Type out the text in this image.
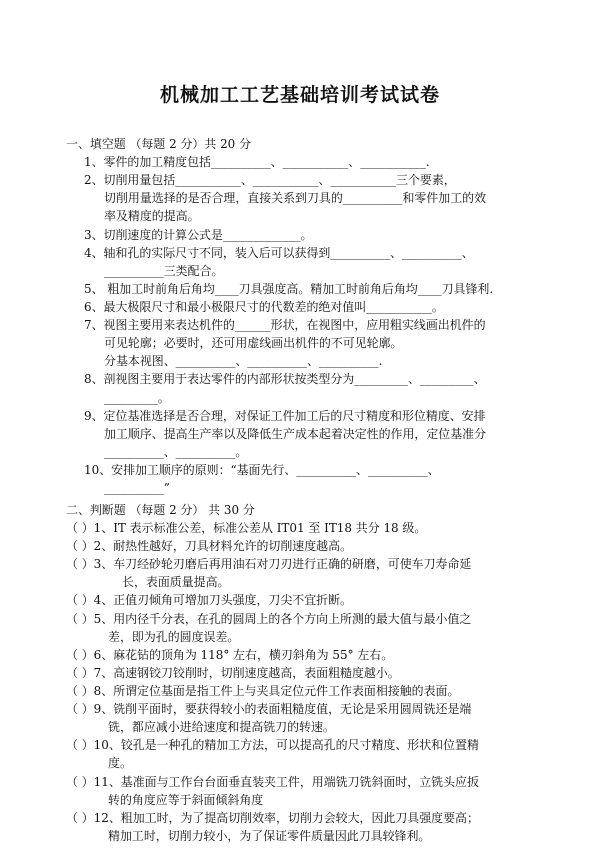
机械加工工艺基础培训考试试卷
一、填空题 （每题 2 分）共 20 分
1、零件的加工精度包括__________、___________、___________.
2、切削用量包括___________、___________、___________三个要素，
切削用量选择的是否合理，直接关系到刀具的__________和零件加工的效
率及精度的提高。
3、切削速度的计算公式是_____________。
4、轴和孔的实际尺寸不同，装入后可以获得到__________、__________、
__________三类配合。
5、 粗加工时前角后角均____刀具强度高。精加工时前角后角均____刀具锋利.
6、最大极限尺寸和最小极限尺寸的代数差的绝对值叫___________。
7、视图主要用来表达机件的______形状，在视图中，应用粗实线画出机件的
可见轮廓；必要时，还可用虚线画出机件的不可见轮廓。
分基本视图、__________、__________、__________.
8、剖视图主要用于表达零件的内部形状按类型分为_________、_________、
_________。
9、定位基准选择是否合理，对保证工件加工后的尺寸精度和形位精度、安排
加工顺序、提高生产率以及降低生产成本起着决定性的作用，定位基准分
__________、__________。
10、安排加工顺序的原则：“基面先行、__________、__________、
__________”
二、判断题 （每题 2 分） 共 30 分
（ ）1、IT 表示标准公差，标准公差从 IT01 至 IT18 共分 18 级。
（ ）2、耐热性越好，刀具材料允许的切削速度越高。
（ ）3、车刀经砂轮刃磨后再用油石对刀刃进行正确的研磨，可使车刀寿命延
长，表面质量提高。
（ ）4、正值刃倾角可增加刀头强度，刀尖不宜折断。
（ ）5、用内径千分表，在孔的圆周上的各个方向上所测的最大值与最小值之
差，即为孔的圆度误差。
（ ）6、麻花钻的顶角为 118° 左右，横刃斜角为 55° 左右。
（ ）7、高速钢铰刀铰削时，切削速度越高，表面粗糙度越小。
（ ）8、所谓定位基面是指工件上与夹具定位元件工作表面相接触的表面。
（ ）9、铣削平面时，要获得较小的表面粗糙度值，无论是采用圆周铣还是端
铣，都应减小进给速度和提高铣刀的转速。
（ ）10、铰孔是一种孔的精加工方法，可以提高孔的尺寸精度、形状和位置精
度。
（ ）11、基准面与工作台台面垂直装夹工件，用端铣刀铣斜面时，立铣头应扳
转的角度应等于斜面倾斜角度
（ ）12、粗加工时，为了提高切削效率，切削力会较大，因此刀具强度要高；
精加工时，切削力较小，为了保证零件质量因此刀具较锋利。
